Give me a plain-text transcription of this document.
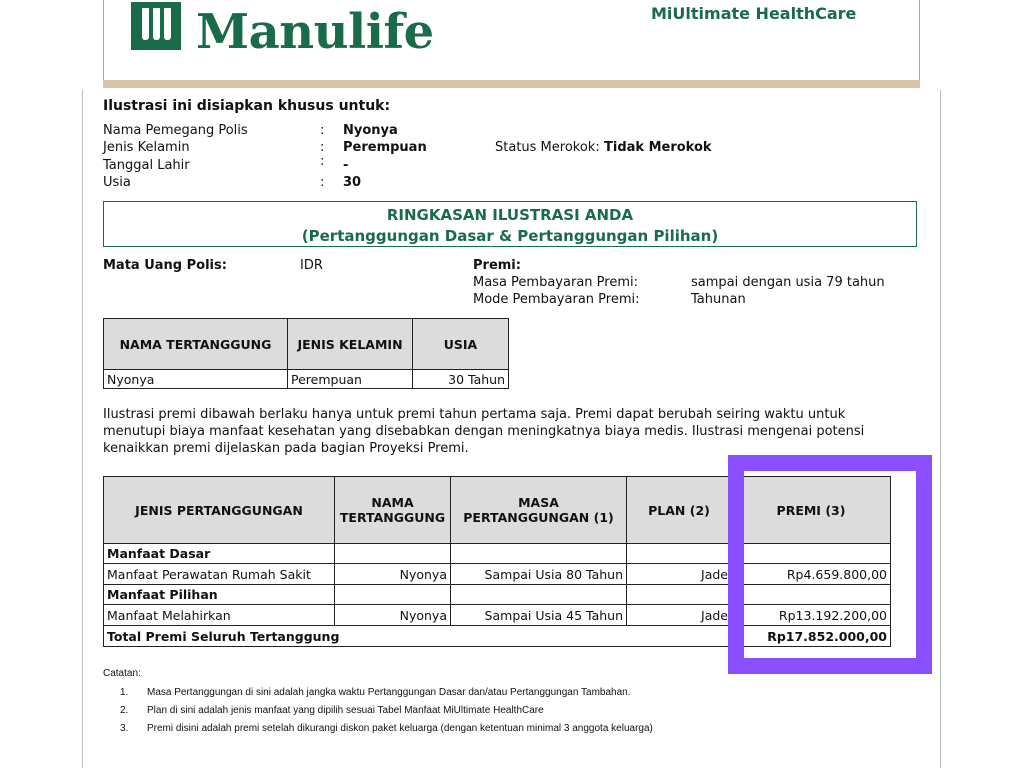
Manulife	MiUltimate HealthCare
Ilustrasi ini disiapkan khusus untuk:
Nama Pemegang Polis	: Nyonya
Jenis Kelamin	: Perempuan	Status Merokok: Tidak Merokok
Tanggal Lahir	: -
Usia	: 30
RINGKASAN ILUSTRASI ANDA
(Pertanggungan Dasar & Pertanggungan Pilihan)
Mata Uang Polis:	IDR	Premi:
Masa Pembayaran Premi:	sampai dengan usia 79 tahun
Mode Pembayaran Premi:	Tahunan
NAMA TERTANGGUNG	JENIS KELAMIN	USIA
Nyonya	Perempuan	30 Tahun
Ilustrasi premi dibawah berlaku hanya untuk premi tahun pertama saja. Premi dapat berubah seiring waktu untuk menutupi biaya manfaat kesehatan yang disebabkan dengan meningkatnya biaya medis. Ilustrasi mengenai potensi kenaikkan premi dijelaskan pada bagian Proyeksi Premi.
JENIS PERTANGGUNGAN	NAMA TERTANGGUNG	MASA PERTANGGUNGAN (1)	PLAN (2)	PREMI (3)
Manfaat Dasar				
Manfaat Perawatan Rumah Sakit	Nyonya	Sampai Usia 80 Tahun	Jade	Rp4.659.800,00
Manfaat Pilihan				
Manfaat Melahirkan	Nyonya	Sampai Usia 45 Tahun	Jade	Rp13.192.200,00
Total Premi Seluruh Tertanggung				Rp17.852.000,00
Catatan:
1. Masa Pertanggungan di sini adalah jangka waktu Pertanggungan Dasar dan/atau Pertanggungan Tambahan.
2. Plan di sini adalah jenis manfaat yang dipilih sesuai Tabel Manfaat MiUltimate HealthCare
3. Premi disini adalah premi setelah dikurangi diskon paket keluarga (dengan ketentuan minimal 3 anggota keluarga)
